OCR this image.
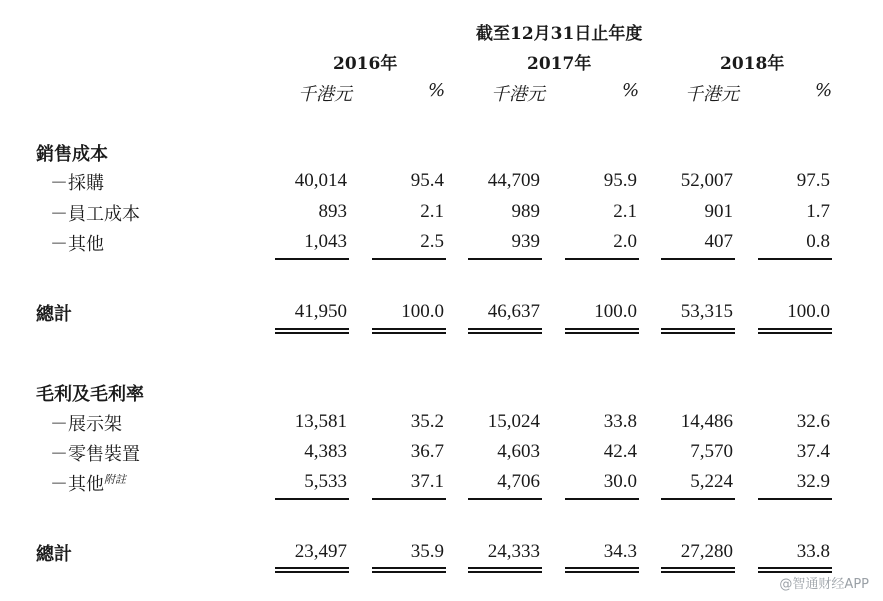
截至12月31日止年度
2016年	2017年	2018年
千港元	%	千港元	%	千港元	%
銷售成本
毛利及毛利率
@智通财经APP
－採購	40,014	95.4	44,709	95.9	52,007	97.5
－員工成本	893	2.1	989	2.1	901	1.7
－其他	1,043	2.5	939	2.0	407	0.8
總計	41,950	100.0	46,637	100.0	53,315	100.0
－展示架	13,581	35.2	15,024	33.8	14,486	32.6
－零售裝置	4,383	36.7	4,603	42.4	7,570	37.4
－其他$^{附註}$	5,533	37.1	4,706	30.0	5,224	32.9
總計	23,497	35.9	24,333	34.3	27,280	33.8
